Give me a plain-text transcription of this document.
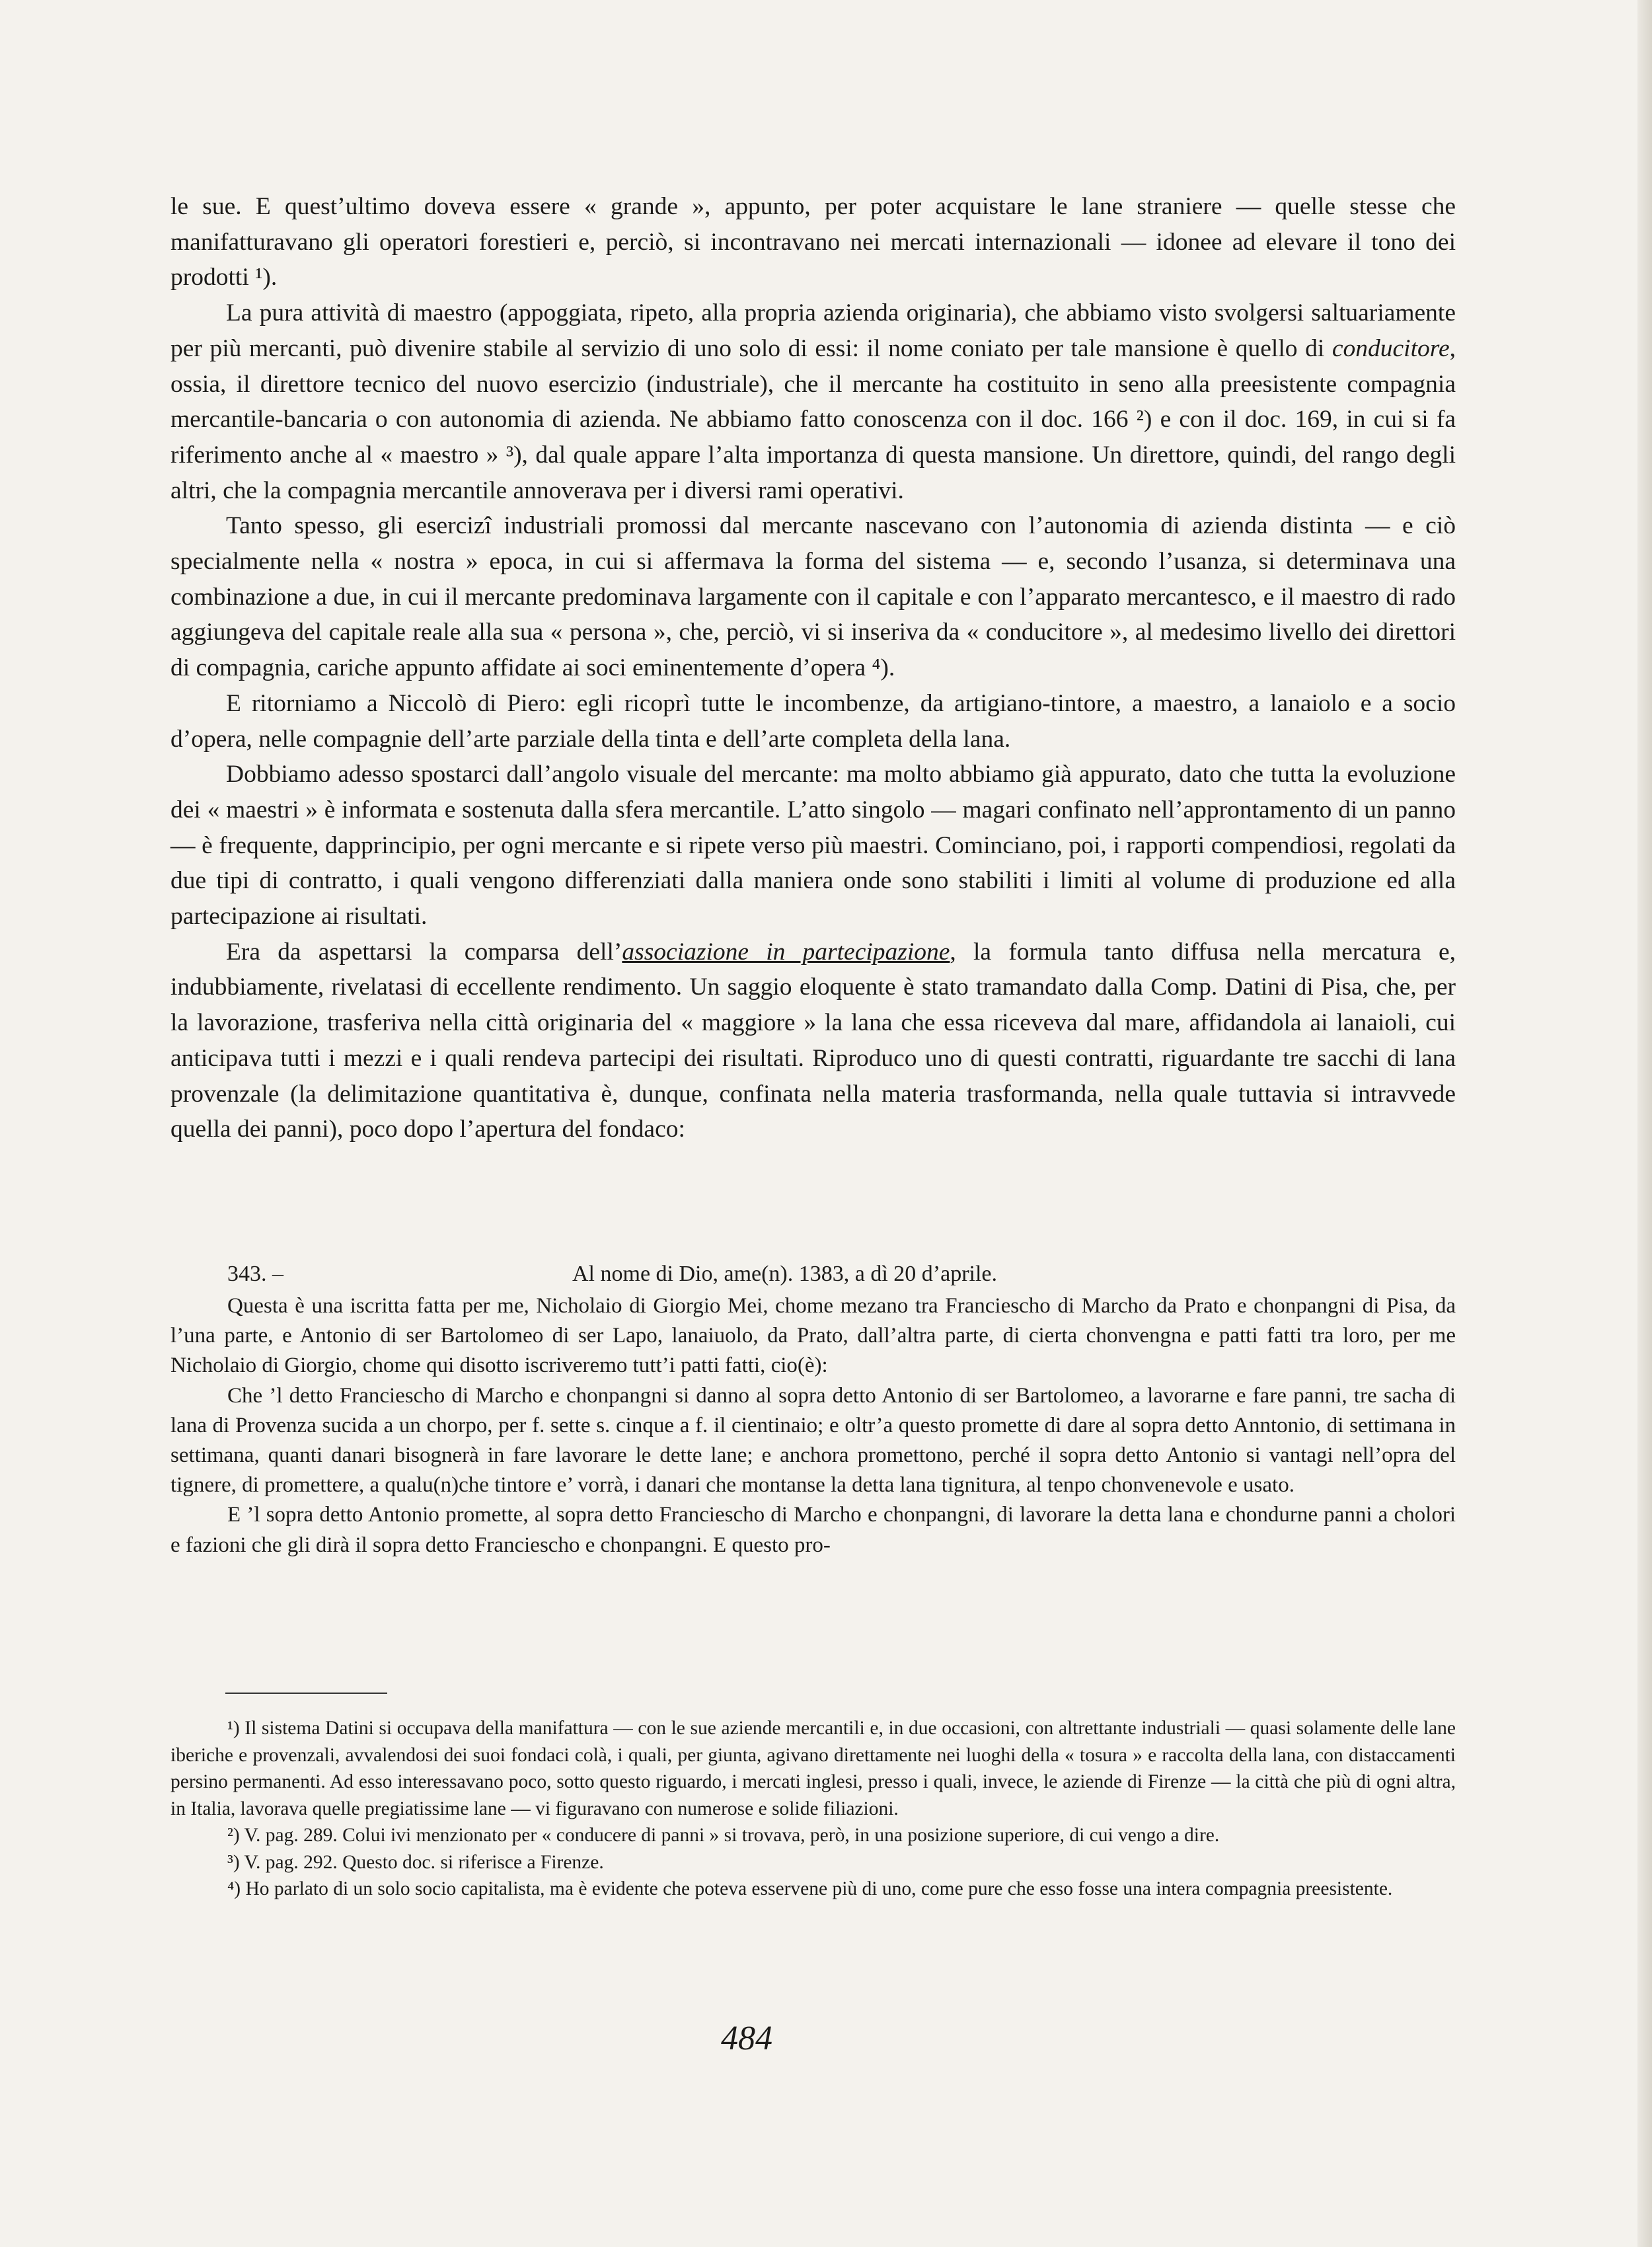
le sue. E quest’ultimo doveva essere « grande », appunto, per poter acquistare le lane straniere — quelle stesse che manifatturavano gli operatori forestieri e, perciò, si incontravano nei mercati internazionali — idonee ad elevare il tono dei prodotti ¹).

La pura attività di maestro (appoggiata, ripeto, alla propria azienda originaria), che abbiamo visto svolgersi saltuariamente per più mercanti, può divenire stabile al servizio di uno solo di essi: il nome coniato per tale mansione è quello di conducitore, ossia, il direttore tecnico del nuovo esercizio (industriale), che il mercante ha costituito in seno alla preesistente compagnia mercantile-bancaria o con autonomia di azienda. Ne abbiamo fatto conoscenza con il doc. 166 ²) e con il doc. 169, in cui si fa riferimento anche al « maestro » ³), dal quale appare l’alta importanza di questa mansione. Un direttore, quindi, del rango degli altri, che la compagnia mercantile annoverava per i diversi rami operativi.

Tanto spesso, gli esercizî industriali promossi dal mercante nascevano con l’autonomia di azienda distinta — e ciò specialmente nella « nostra » epoca, in cui si affermava la forma del sistema — e, secondo l’usanza, si determinava una combinazione a due, in cui il mercante predominava largamente con il capitale e con l’apparato mercantesco, e il maestro di rado aggiungeva del capitale reale alla sua « persona », che, perciò, vi si inseriva da « conducitore », al medesimo livello dei direttori di compagnia, cariche appunto affidate ai soci eminentemente d’opera ⁴).

E ritorniamo a Niccolò di Piero: egli ricoprì tutte le incombenze, da artigiano-tintore, a maestro, a lanaiolo e a socio d’opera, nelle compagnie dell’arte parziale della tinta e dell’arte completa della lana.

Dobbiamo adesso spostarci dall’angolo visuale del mercante: ma molto abbiamo già appurato, dato che tutta la evoluzione dei « maestri » è informata e sostenuta dalla sfera mercantile. L’atto singolo — magari confinato nell’approntamento di un panno — è frequente, dapprincipio, per ogni mercante e si ripete verso più maestri. Cominciano, poi, i rapporti compendiosi, regolati da due tipi di contratto, i quali vengono differenziati dalla maniera onde sono stabiliti i limiti al volume di produzione ed alla partecipazione ai risultati.

Era da aspettarsi la comparsa dell’associazione in partecipazione, la formula tanto diffusa nella mercatura e, indubbiamente, rivelatasi di eccellente rendimento. Un saggio eloquente è stato tramandato dalla Comp. Datini di Pisa, che, per la lavorazione, trasferiva nella città originaria del « maggiore » la lana che essa riceveva dal mare, affidandola ai lanaioli, cui anticipava tutti i mezzi e i quali rendeva partecipi dei risultati. Riproduco uno di questi contratti, riguardante tre sacchi di lana provenzale (la delimitazione quantitativa è, dunque, confinata nella materia trasformanda, nella quale tuttavia si intravvede quella dei panni), poco dopo l’apertura del fondaco:

343. –	Al nome di Dio, ame(n). 1383, a dì 20 d’aprile.

Questa è una iscritta fatta per me, Nicholaio di Giorgio Mei, chome mezano tra Franciescho di Marcho da Prato e chonpangni di Pisa, da l’una parte, e Antonio di ser Bartolomeo di ser Lapo, lanaiuolo, da Prato, dall’altra parte, di cierta chonvengna e patti fatti tra loro, per me Nicholaio di Giorgio, chome qui disotto iscriveremo tutt’i patti fatti, cio(è):

Che ’l detto Franciescho di Marcho e chonpangni si danno al sopra detto Antonio di ser Bartolomeo, a lavorarne e fare panni, tre sacha di lana di Provenza sucida a un chorpo, per f. sette s. cinque a f. il cientinaio; e oltr’a questo promette di dare al sopra detto Anntonio, di settimana in settimana, quanti danari bisognerà in fare lavorare le dette lane; e anchora promettono, perché il sopra detto Antonio si vantagi nell’opra del tignere, di promettere, a qualu(n)che tintore e’ vorrà, i danari che montanse la detta lana tignitura, al tenpo chonvenevole e usato.

E ’l sopra detto Antonio promette, al sopra detto Franciescho di Marcho e chonpangni, di lavorare la detta lana e chondurne panni a cholori e fazioni che gli dirà il sopra detto Franciescho e chonpangni. E questo pro-

¹) Il sistema Datini si occupava della manifattura — con le sue aziende mercantili e, in due occasioni, con altrettante industriali — quasi solamente delle lane iberiche e provenzali, avvalendosi dei suoi fondaci colà, i quali, per giunta, agivano direttamente nei luoghi della « tosura » e raccolta della lana, con distaccamenti persino permanenti. Ad esso interessavano poco, sotto questo riguardo, i mercati inglesi, presso i quali, invece, le aziende di Firenze — la città che più di ogni altra, in Italia, lavorava quelle pregiatissime lane — vi figuravano con numerose e solide filiazioni.

²) V. pag. 289. Colui ivi menzionato per « conducere di panni » si trovava, però, in una posizione superiore, di cui vengo a dire.

³) V. pag. 292. Questo doc. si riferisce a Firenze.

⁴) Ho parlato di un solo socio capitalista, ma è evidente che poteva esservene più di uno, come pure che esso fosse una intera compagnia preesistente.

484
